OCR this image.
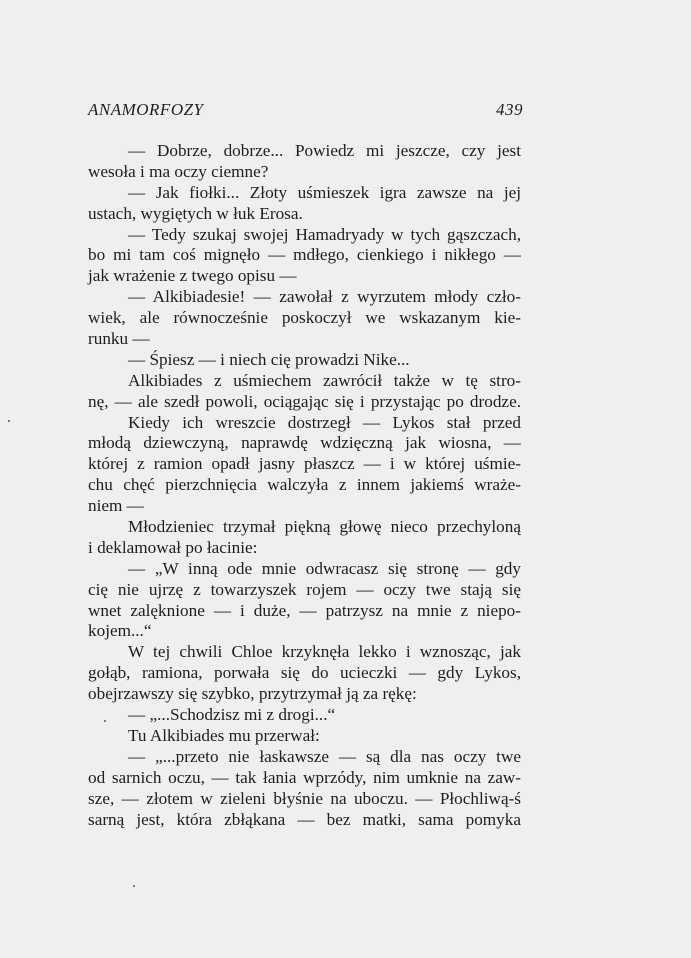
ANAMORFOZY	439
— Dobrze, dobrze... Powiedz mi jeszcze, czy jest
wesoła i ma oczy ciemne?
— Jak fiołki... Złoty uśmieszek igra zawsze na jej
ustach, wygiętych w łuk Erosa.
— Tedy szukaj swojej Hamadryady w tych gąszczach,
bo mi tam coś mignęło — mdłego, cienkiego i nikłego —
jak wrażenie z twego opisu —
— Alkibiadesie! — zawołał z wyrzutem młody czło-
wiek, ale równocześnie poskoczył we wskazanym kie-
runku —
— Śpiesz — i niech cię prowadzi Nike...
Alkibiades z uśmiechem zawrócił także w tę stro-
nę, — ale szedł powoli, ociągając się i przystając po drodze.
Kiedy ich wreszcie dostrzegł — Lykos stał przed
młodą dziewczyną, naprawdę wdzięczną jak wiosna, —
której z ramion opadł jasny płaszcz — i w której uśmie-
chu chęć pierzchnięcia walczyła z innem jakiemś wraże-
niem —
Młodzieniec trzymał piękną głowę nieco przechyloną
i deklamował po łacinie:
— „W inną ode mnie odwracasz się stronę — gdy
cię nie ujrzę z towarzyszek rojem — oczy twe stają się
wnet zalęknione — i duże, — patrzysz na mnie z niepo-
kojem...“
W tej chwili Chloe krzyknęła lekko i wznosząc, jak
gołąb, ramiona, porwała się do ucieczki — gdy Lykos,
obejrzawszy się szybko, przytrzymał ją za rękę:
— „...Schodzisz mi z drogi...“
Tu Alkibiades mu przerwał:
— „...przeto nie łaskawsze — są dla nas oczy twe
od sarnich oczu, — tak łania wprzódy, nim umknie na zaw-
sze, — złotem w zieleni błyśnie na uboczu. — Płochliwą-ś
sarną jest, która zbłąkana — bez matki, sama pomyka
